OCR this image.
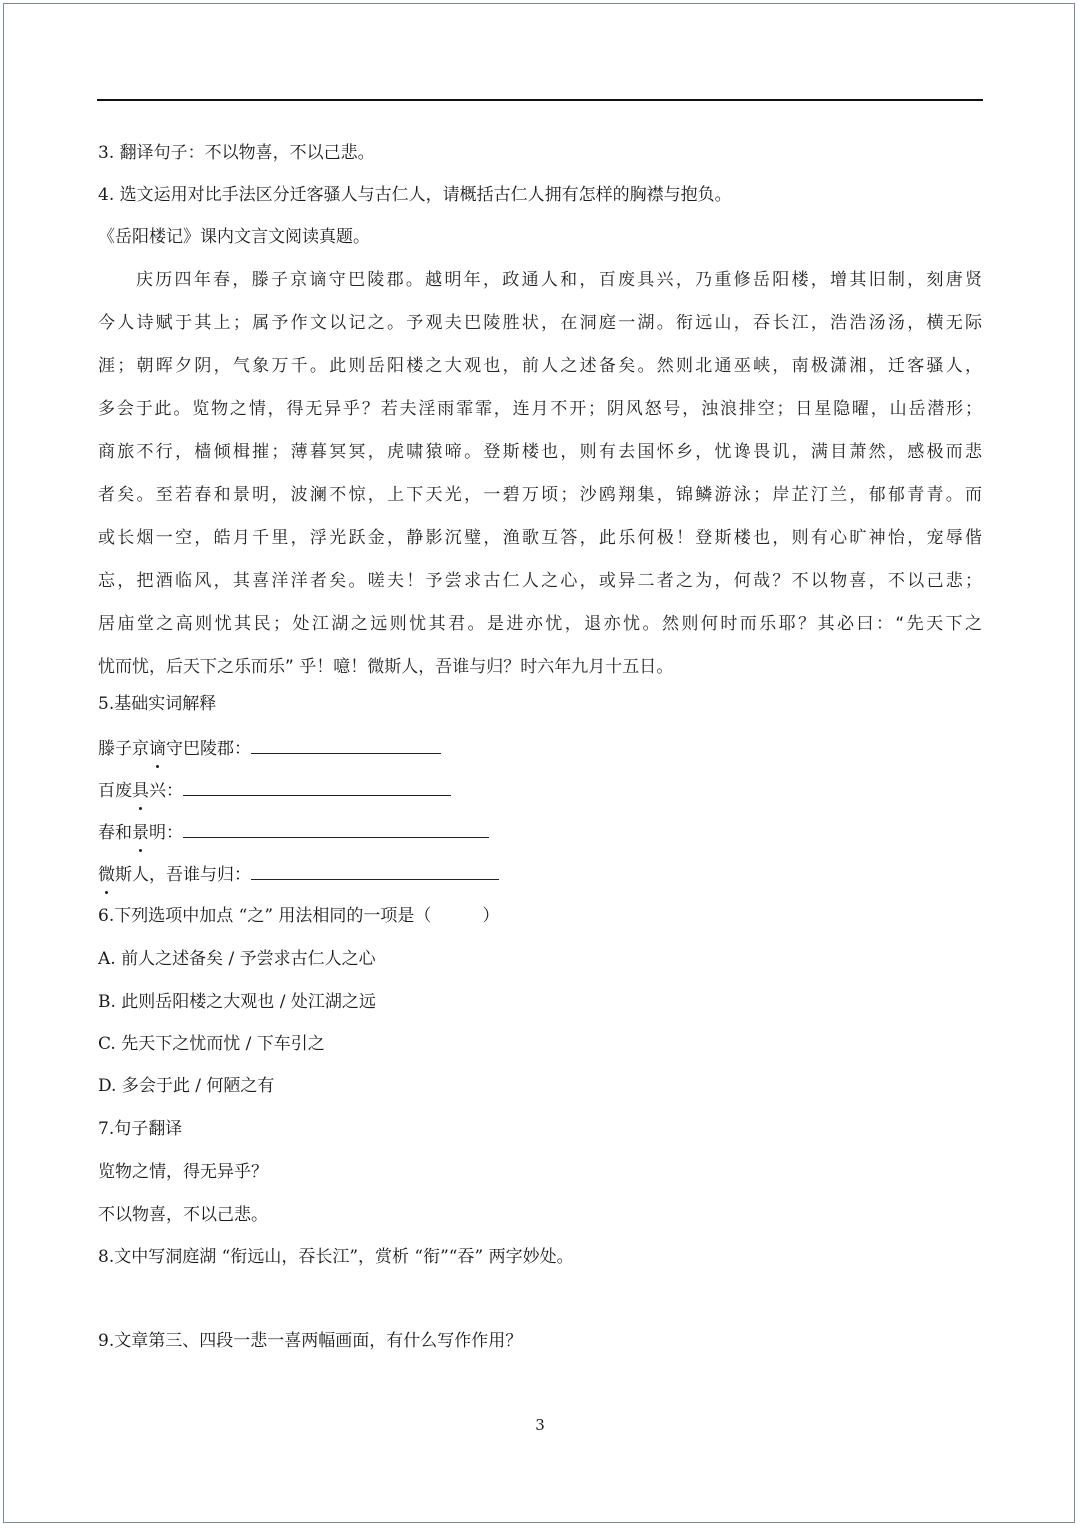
3. 翻译句子：不以物喜，不以己悲。
4. 选文运用对比手法区分迁客骚人与古仁人，请概括古仁人拥有怎样的胸襟与抱负。
《岳阳楼记》课内文言文阅读真题。
庆历四年春，滕子京谪守巴陵郡。越明年，政通人和，百废具兴，乃重修岳阳楼，增其旧制，刻唐贤
今人诗赋于其上；属予作文以记之。予观夫巴陵胜状，在洞庭一湖。衔远山，吞长江，浩浩汤汤，横无际
涯；朝晖夕阴，气象万千。此则岳阳楼之大观也，前人之述备矣。然则北通巫峡，南极潇湘，迁客骚人，
多会于此。览物之情，得无异乎？若夫淫雨霏霏，连月不开；阴风怒号，浊浪排空；日星隐曜，山岳潜形；
商旅不行，樯倾楫摧；薄暮冥冥，虎啸猿啼。登斯楼也，则有去国怀乡，忧谗畏讥，满目萧然，感极而悲
者矣。至若春和景明，波澜不惊，上下天光，一碧万顷；沙鸥翔集，锦鳞游泳；岸芷汀兰，郁郁青青。而
或长烟一空，皓月千里，浮光跃金，静影沉璧，渔歌互答，此乐何极！登斯楼也，则有心旷神怡，宠辱偕
忘，把酒临风，其喜洋洋者矣。嗟夫！予尝求古仁人之心，或异二者之为，何哉？不以物喜，不以己悲；
居庙堂之高则忧其民；处江湖之远则忧其君。是进亦忧，退亦忧。然则何时而乐耶？其必曰：“先天下之
忧而忧，后天下之乐而乐” 乎！噫！微斯人，吾谁与归？时六年九月十五日。
5.基础实词解释
滕子京谪守巴陵郡：
百废具兴：
春和景明：
微斯人，吾谁与归：
6.下列选项中加点 “之” 用法相同的一项是（　　　）
A. 前人之述备矣 / 予尝求古仁人之心
B. 此则岳阳楼之大观也 / 处江湖之远
C. 先天下之忧而忧 / 下车引之
D. 多会于此 / 何陋之有
7.句子翻译
览物之情，得无异乎？
不以物喜，不以己悲。
8.文中写洞庭湖 “衔远山，吞长江”，赏析 “衔”“吞” 两字妙处。
9.文章第三、四段一悲一喜两幅画面，有什么写作作用？
3
